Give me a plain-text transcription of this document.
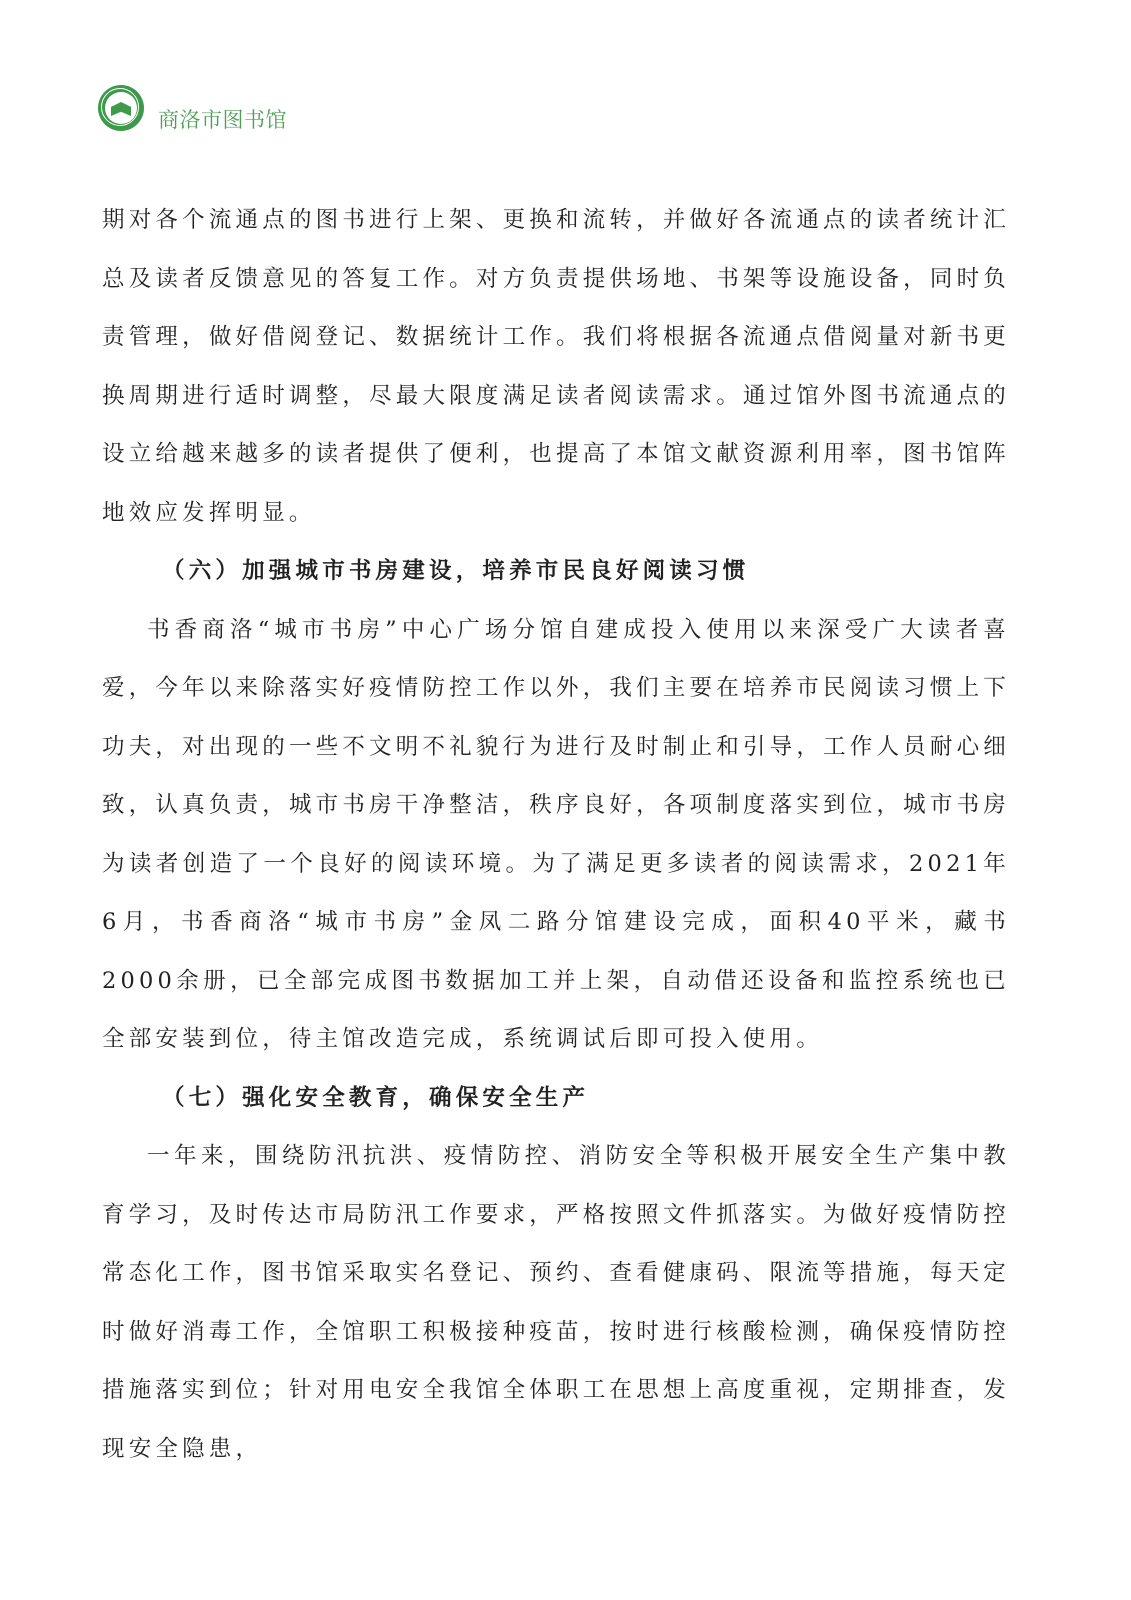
商洛市图书馆

期对各个流通点的图书进行上架、更换和流转，并做好各流通点的读者统计汇总及读者反馈意见的答复工作。对方负责提供场地、书架等设施设备，同时负责管理，做好借阅登记、数据统计工作。我们将根据各流通点借阅量对新书更换周期进行适时调整，尽最大限度满足读者阅读需求。通过馆外图书流通点的设立给越来越多的读者提供了便利，也提高了本馆文献资源利用率，图书馆阵地效应发挥明显。

（六）加强城市书房建设，培养市民良好阅读习惯

书香商洛“城市书房”中心广场分馆自建成投入使用以来深受广大读者喜爱，今年以来除落实好疫情防控工作以外，我们主要在培养市民阅读习惯上下功夫，对出现的一些不文明不礼貌行为进行及时制止和引导，工作人员耐心细致，认真负责，城市书房干净整洁，秩序良好，各项制度落实到位，城市书房为读者创造了一个良好的阅读环境。为了满足更多读者的阅读需求，2021年6月，书香商洛“城市书房”金凤二路分馆建设完成，面积40平米，藏书2000余册，已全部完成图书数据加工并上架，自动借还设备和监控系统也已全部安装到位，待主馆改造完成，系统调试后即可投入使用。

（七）强化安全教育，确保安全生产

一年来，围绕防汛抗洪、疫情防控、消防安全等积极开展安全生产集中教育学习，及时传达市局防汛工作要求，严格按照文件抓落实。为做好疫情防控常态化工作，图书馆采取实名登记、预约、查看健康码、限流等措施，每天定时做好消毒工作，全馆职工积极接种疫苗，按时进行核酸检测，确保疫情防控措施落实到位；针对用电安全我馆全体职工在思想上高度重视，定期排查，发现安全隐患，
